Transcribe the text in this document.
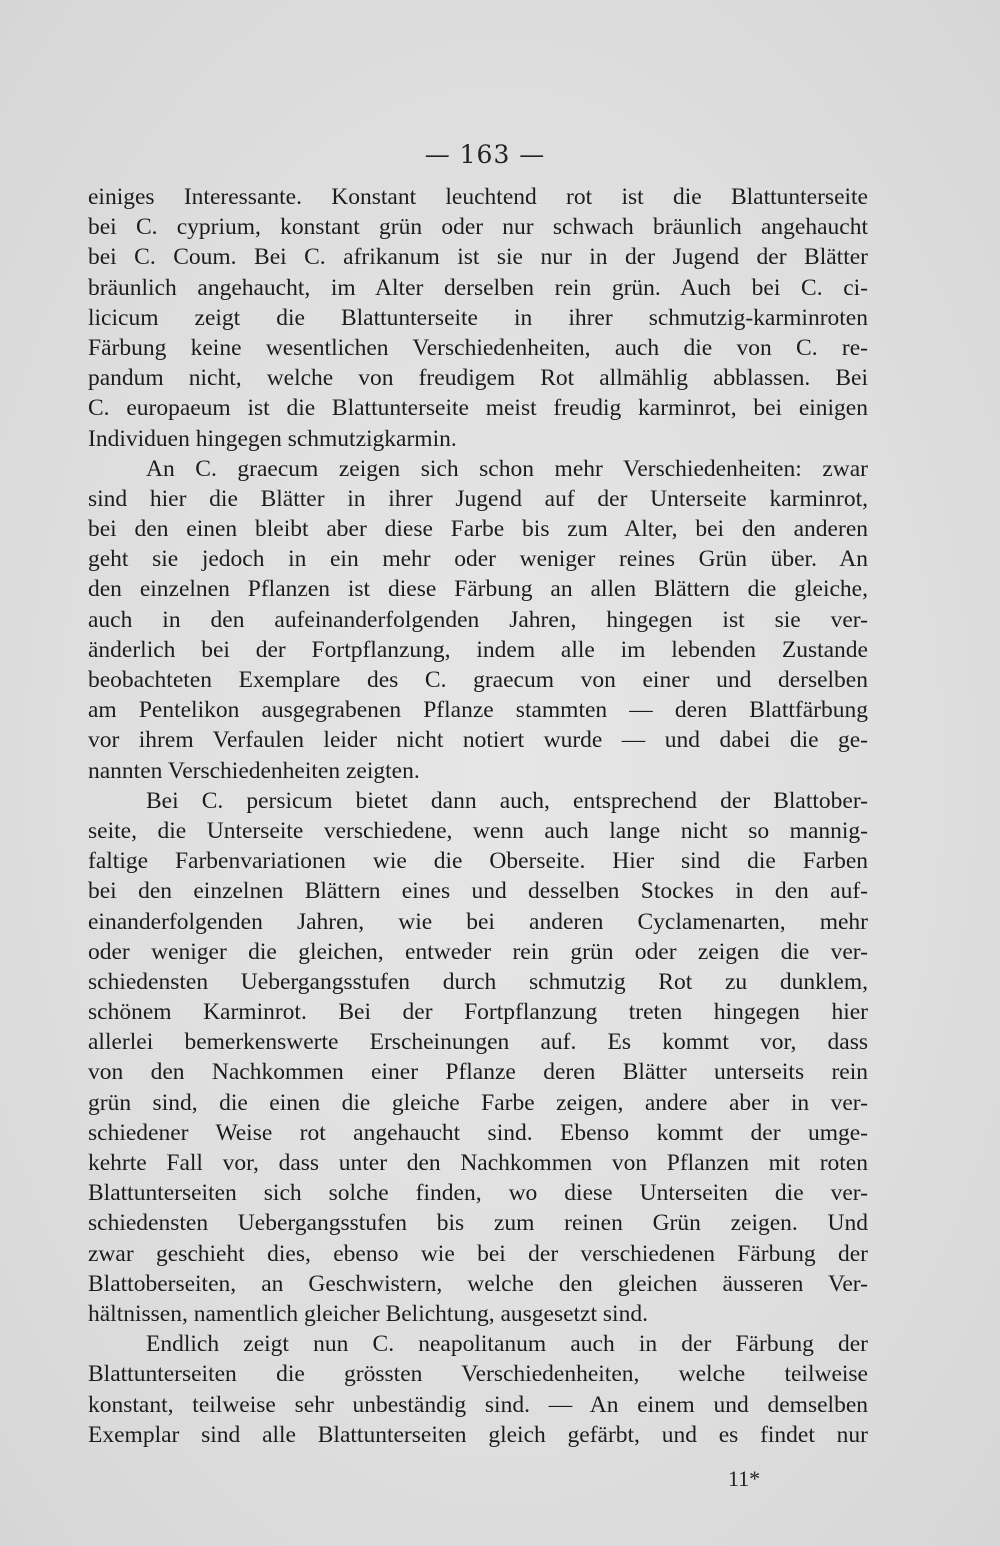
— 163 —
einiges Interessante. Konstant leuchtend rot ist die Blattunterseite
bei C. cyprium, konstant grün oder nur schwach bräunlich angehaucht
bei C. Coum. Bei C. afrikanum ist sie nur in der Jugend der Blätter
bräunlich angehaucht, im Alter derselben rein grün. Auch bei C. ci-
licicum zeigt die Blattunterseite in ihrer schmutzig-karminroten
Färbung keine wesentlichen Verschiedenheiten, auch die von C. re-
pandum nicht, welche von freudigem Rot allmählig abblassen. Bei
C. europaeum ist die Blattunterseite meist freudig karminrot, bei einigen
Individuen hingegen schmutzigkarmin.
An C. graecum zeigen sich schon mehr Verschiedenheiten: zwar
sind hier die Blätter in ihrer Jugend auf der Unterseite karminrot,
bei den einen bleibt aber diese Farbe bis zum Alter, bei den anderen
geht sie jedoch in ein mehr oder weniger reines Grün über. An
den einzelnen Pflanzen ist diese Färbung an allen Blättern die gleiche,
auch in den aufeinanderfolgenden Jahren, hingegen ist sie ver-
änderlich bei der Fortpflanzung, indem alle im lebenden Zustande
beobachteten Exemplare des C. graecum von einer und derselben
am Pentelikon ausgegrabenen Pflanze stammten — deren Blattfärbung
vor ihrem Verfaulen leider nicht notiert wurde — und dabei die ge-
nannten Verschiedenheiten zeigten.
Bei C. persicum bietet dann auch, entsprechend der Blattober-
seite, die Unterseite verschiedene, wenn auch lange nicht so mannig-
faltige Farbenvariationen wie die Oberseite. Hier sind die Farben
bei den einzelnen Blättern eines und desselben Stockes in den auf-
einanderfolgenden Jahren, wie bei anderen Cyclamenarten, mehr
oder weniger die gleichen, entweder rein grün oder zeigen die ver-
schiedensten Uebergangsstufen durch schmutzig Rot zu dunklem,
schönem Karminrot. Bei der Fortpflanzung treten hingegen hier
allerlei bemerkenswerte Erscheinungen auf. Es kommt vor, dass
von den Nachkommen einer Pflanze deren Blätter unterseits rein
grün sind, die einen die gleiche Farbe zeigen, andere aber in ver-
schiedener Weise rot angehaucht sind. Ebenso kommt der umge-
kehrte Fall vor, dass unter den Nachkommen von Pflanzen mit roten
Blattunterseiten sich solche finden, wo diese Unterseiten die ver-
schiedensten Uebergangsstufen bis zum reinen Grün zeigen. Und
zwar geschieht dies, ebenso wie bei der verschiedenen Färbung der
Blattoberseiten, an Geschwistern, welche den gleichen äusseren Ver-
hältnissen, namentlich gleicher Belichtung, ausgesetzt sind.
Endlich zeigt nun C. neapolitanum auch in der Färbung der
Blattunterseiten die grössten Verschiedenheiten, welche teilweise
konstant, teilweise sehr unbeständig sind. — An einem und demselben
Exemplar sind alle Blattunterseiten gleich gefärbt, und es findet nur
11*
